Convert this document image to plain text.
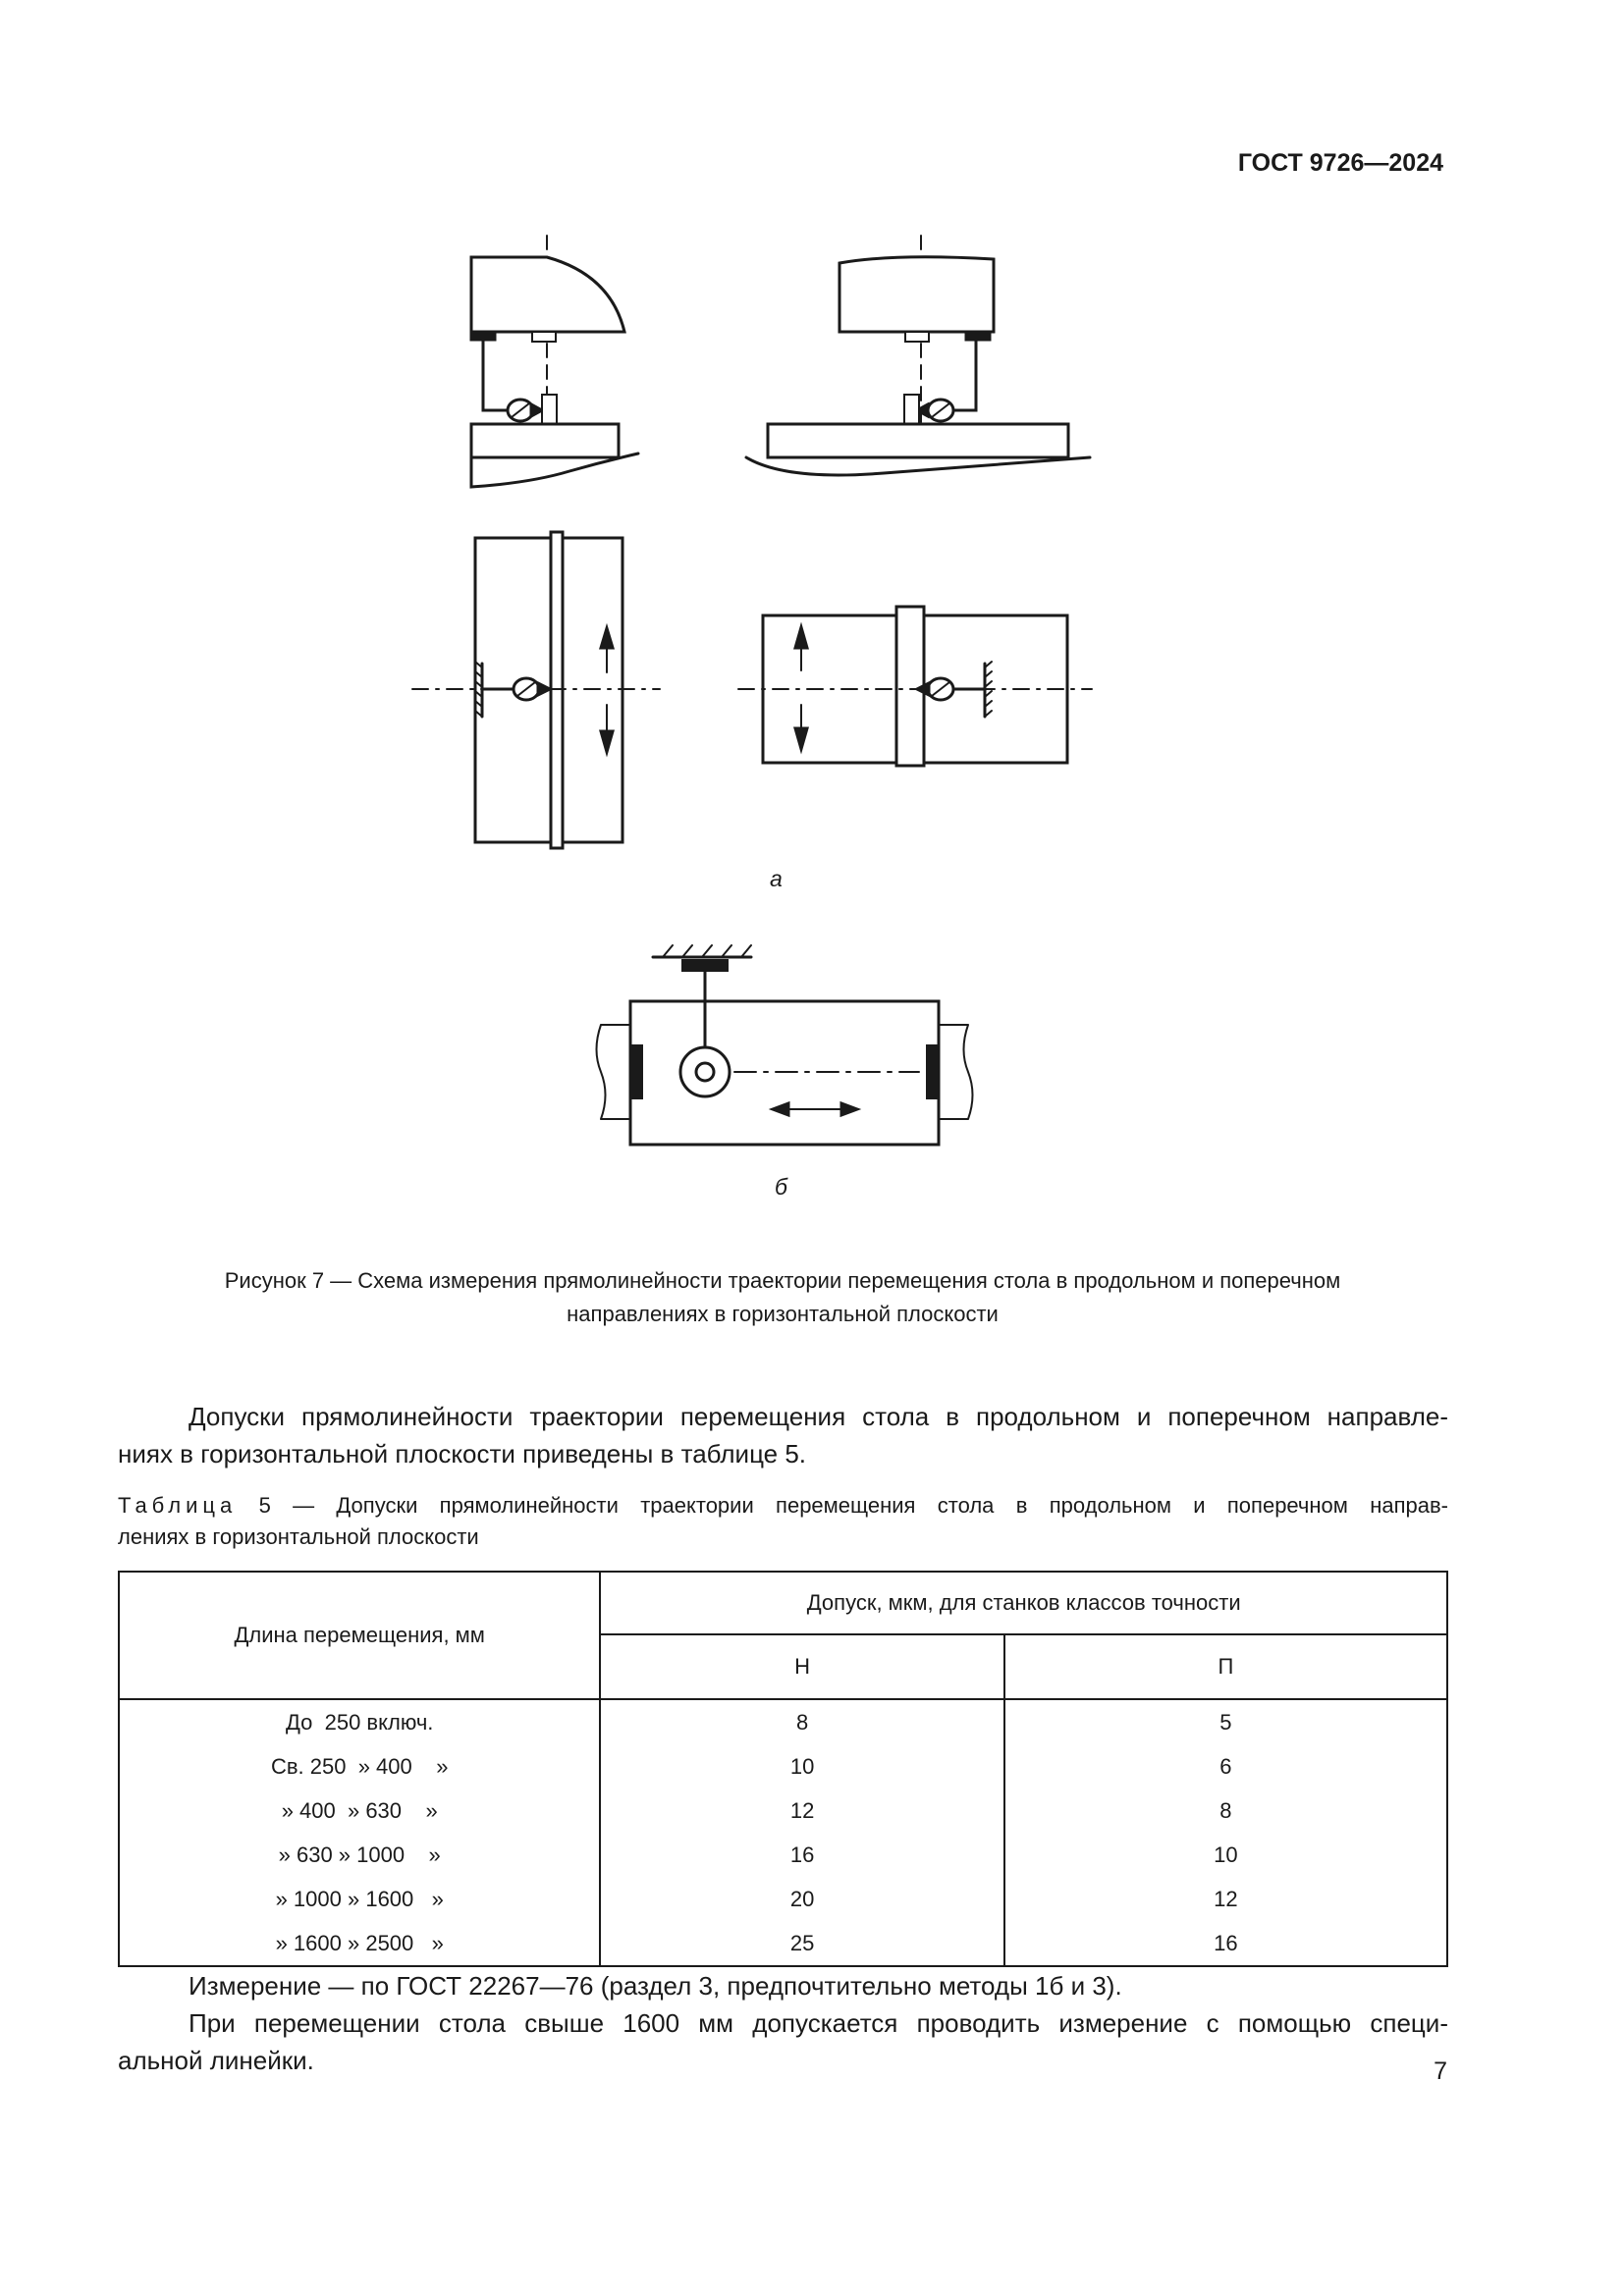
ГОСТ 9726—2024
а
б
Рисунок 7 — Схема измерения прямолинейности траектории перемещения стола в продольном и поперечном
направлениях в горизонтальной плоскости
Допуски прямолинейности траектории перемещения стола в продольном и поперечном направле-
ниях в горизонтальной плоскости приведены в таблице 5.
Таблица 5 — Допуски прямолинейности траектории перемещения стола в продольном и поперечном направ-
лениях в горизонтальной плоскости
Длина перемещения, мм	Допуск, мкм, для станков классов точности	
	Н	П
До  250 включ.	8	5
Св. 250  » 400    »	10	6
» 400  » 630    »	12	8
» 630 » 1000    »	16	10
» 1000 » 1600   »	20	12
» 1600 » 2500   »	25	16
Измерение — по ГОСТ 22267—76 (раздел 3, предпочтительно методы 1б и 3).
При перемещении стола свыше 1600 мм допускается проводить измерение с помощью специ-
альной линейки.	7
